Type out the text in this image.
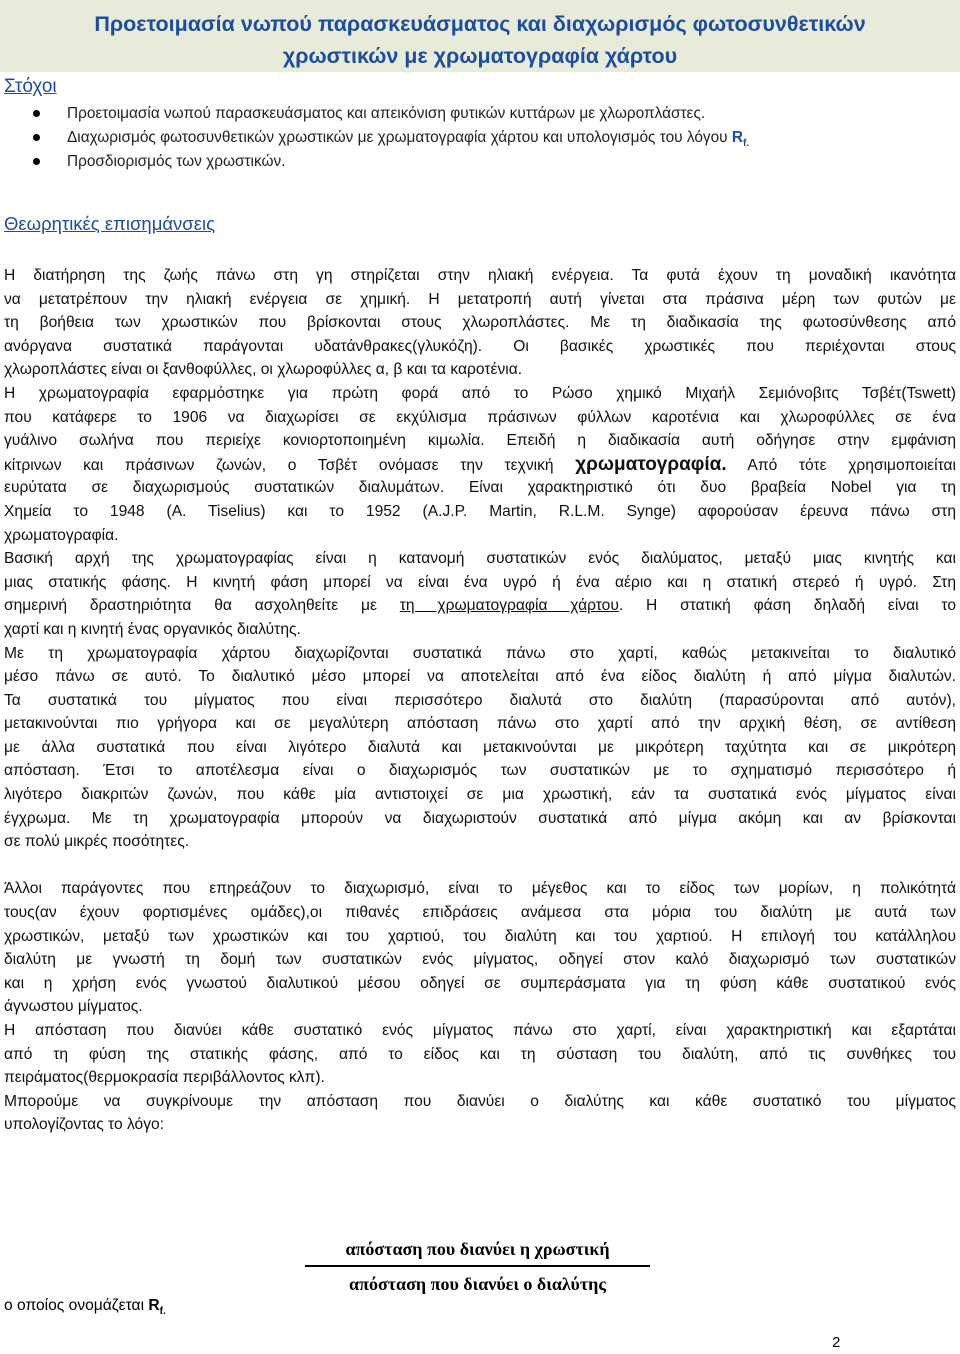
Προετοιμασία νωπού παρασκευάσματος και διαχωρισμός φωτοσυνθετικών
χρωστικών με χρωματογραφία χάρτου
Στόχοι
Προετοιμασία νωπού παρασκευάσματος και απεικόνιση φυτικών κυττάρων με χλωροπλάστες.
Διαχωρισμός φωτοσυνθετικών χρωστικών με χρωματογραφία χάρτου και υπολογισμός του λόγου $R_{f.}$
Προσδιορισμός των χρωστικών.
Θεωρητικές επισημάνσεις
Η διατήρηση της ζωής πάνω στη γη στηρίζεται στην ηλιακή ενέργεια. Τα φυτά έχουν τη μοναδική ικανότητα
να μετατρέπουν την ηλιακή ενέργεια σε χημική. Η μετατροπή αυτή γίνεται στα πράσινα μέρη των φυτών με
τη βοήθεια των χρωστικών που βρίσκονται στους χλωροπλάστες. Με τη διαδικασία της φωτοσύνθεσης από
ανόργανα συστατικά παράγονται υδατάνθρακες(γλυκόζη). Οι βασικές χρωστικές που περιέχονται στους
χλωροπλάστες είναι οι ξανθοφύλλες, οι χλωροφύλλες α, β και τα καροτένια.
Η χρωματογραφία εφαρμόστηκε για πρώτη φορά από το Ρώσο χημικό Μιχαήλ Σεμιόνοβιτς Τσβέτ(Tswett)
που κατάφερε το 1906 να διαχωρίσει σε εκχύλισμα πράσινων φύλλων καροτένια και χλωροφύλλες σε ένα
γυάλινο σωλήνα που περιείχε κονιορτοποιημένη κιμωλία. Επειδή η διαδικασία αυτή οδήγησε στην εμφάνιση
κίτρινων και πράσινων ζωνών, ο Τσβέτ ονόμασε την τεχνική χρωματογραφία. Από τότε χρησιμοποιείται
ευρύτατα σε διαχωρισμούς συστατικών διαλυμάτων. Είναι χαρακτηριστικό ότι δυο βραβεία Nobel για τη
Χημεία το 1948 (A. Tiselius) και το 1952 (A.J.P. Martin, R.L.M. Synge) αφορούσαν έρευνα πάνω στη
χρωματογραφία.
Βασική αρχή της χρωματογραφίας είναι η κατανομή συστατικών ενός διαλύματος, μεταξύ μιας κινητής και
μιας στατικής φάσης. Η κινητή φάση μπορεί να είναι ένα υγρό ή ένα αέριο και η στατική στερεό ή υγρό. Στη
σημερινή δραστηριότητα θα ασχοληθείτε με τη χρωματογραφία χάρτου. Η στατική φάση δηλαδή είναι το
χαρτί και η κινητή ένας οργανικός διαλύτης.
Με τη χρωματογραφία χάρτου διαχωρίζονται συστατικά πάνω στο χαρτί, καθώς μετακινείται το διαλυτικό
μέσο πάνω σε αυτό. Το διαλυτικό μέσο μπορεί να αποτελείται από ένα είδος διαλύτη ή από μίγμα διαλυτών.
Τα συστατικά του μίγματος που είναι περισσότερο διαλυτά στο διαλύτη (παρασύρονται από αυτόν),
μετακινούνται πιο γρήγορα και σε μεγαλύτερη απόσταση πάνω στο χαρτί από την αρχική θέση, σε αντίθεση
με άλλα συστατικά που είναι λιγότερο διαλυτά και μετακινούνται με μικρότερη ταχύτητα και σε μικρότερη
απόσταση. Έτσι το αποτέλεσμα είναι ο διαχωρισμός των συστατικών με το σχηματισμό περισσότερο ή
λιγότερο διακριτών ζωνών, που κάθε μία αντιστοιχεί σε μια χρωστική, εάν τα συστατικά ενός μίγματος είναι
έγχρωμα. Με τη χρωματογραφία μπορούν να διαχωριστούν συστατικά από μίγμα ακόμη και αν βρίσκονται
σε πολύ μικρές ποσότητες.
Άλλοι παράγοντες που επηρεάζουν το διαχωρισμό, είναι το μέγεθος και το είδος των μορίων, η πολικότητά
τους(αν έχουν φορτισμένες ομάδες),οι πιθανές επιδράσεις ανάμεσα στα μόρια του διαλύτη με αυτά των
χρωστικών, μεταξύ των χρωστικών και του χαρτιού, του διαλύτη και του χαρτιού. Η επιλογή του κατάλληλου
διαλύτη με γνωστή τη δομή των συστατικών ενός μίγματος, οδηγεί στον καλό διαχωρισμό των συστατικών
και η χρήση ενός γνωστού διαλυτικού μέσου οδηγεί σε συμπεράσματα για τη φύση κάθε συστατικού ενός
άγνωστου μίγματος.
Η απόσταση που διανύει κάθε συστατικό ενός μίγματος πάνω στο χαρτί, είναι χαρακτηριστική και εξαρτάται
από τη φύση της στατικής φάσης, από το είδος και τη σύσταση του διαλύτη, από τις συνθήκες του
πειράματος(θερμοκρασία περιβάλλοντος κλπ).
Μπορούμε να συγκρίνουμε την απόσταση που διανύει ο διαλύτης και κάθε συστατικό του μίγματος
υπολογίζοντας το λόγο:
απόσταση που διανύει η χρωστική
απόσταση που διανύει ο διαλύτης
ο οποίος ονομάζεται $R_{f.}$
2
